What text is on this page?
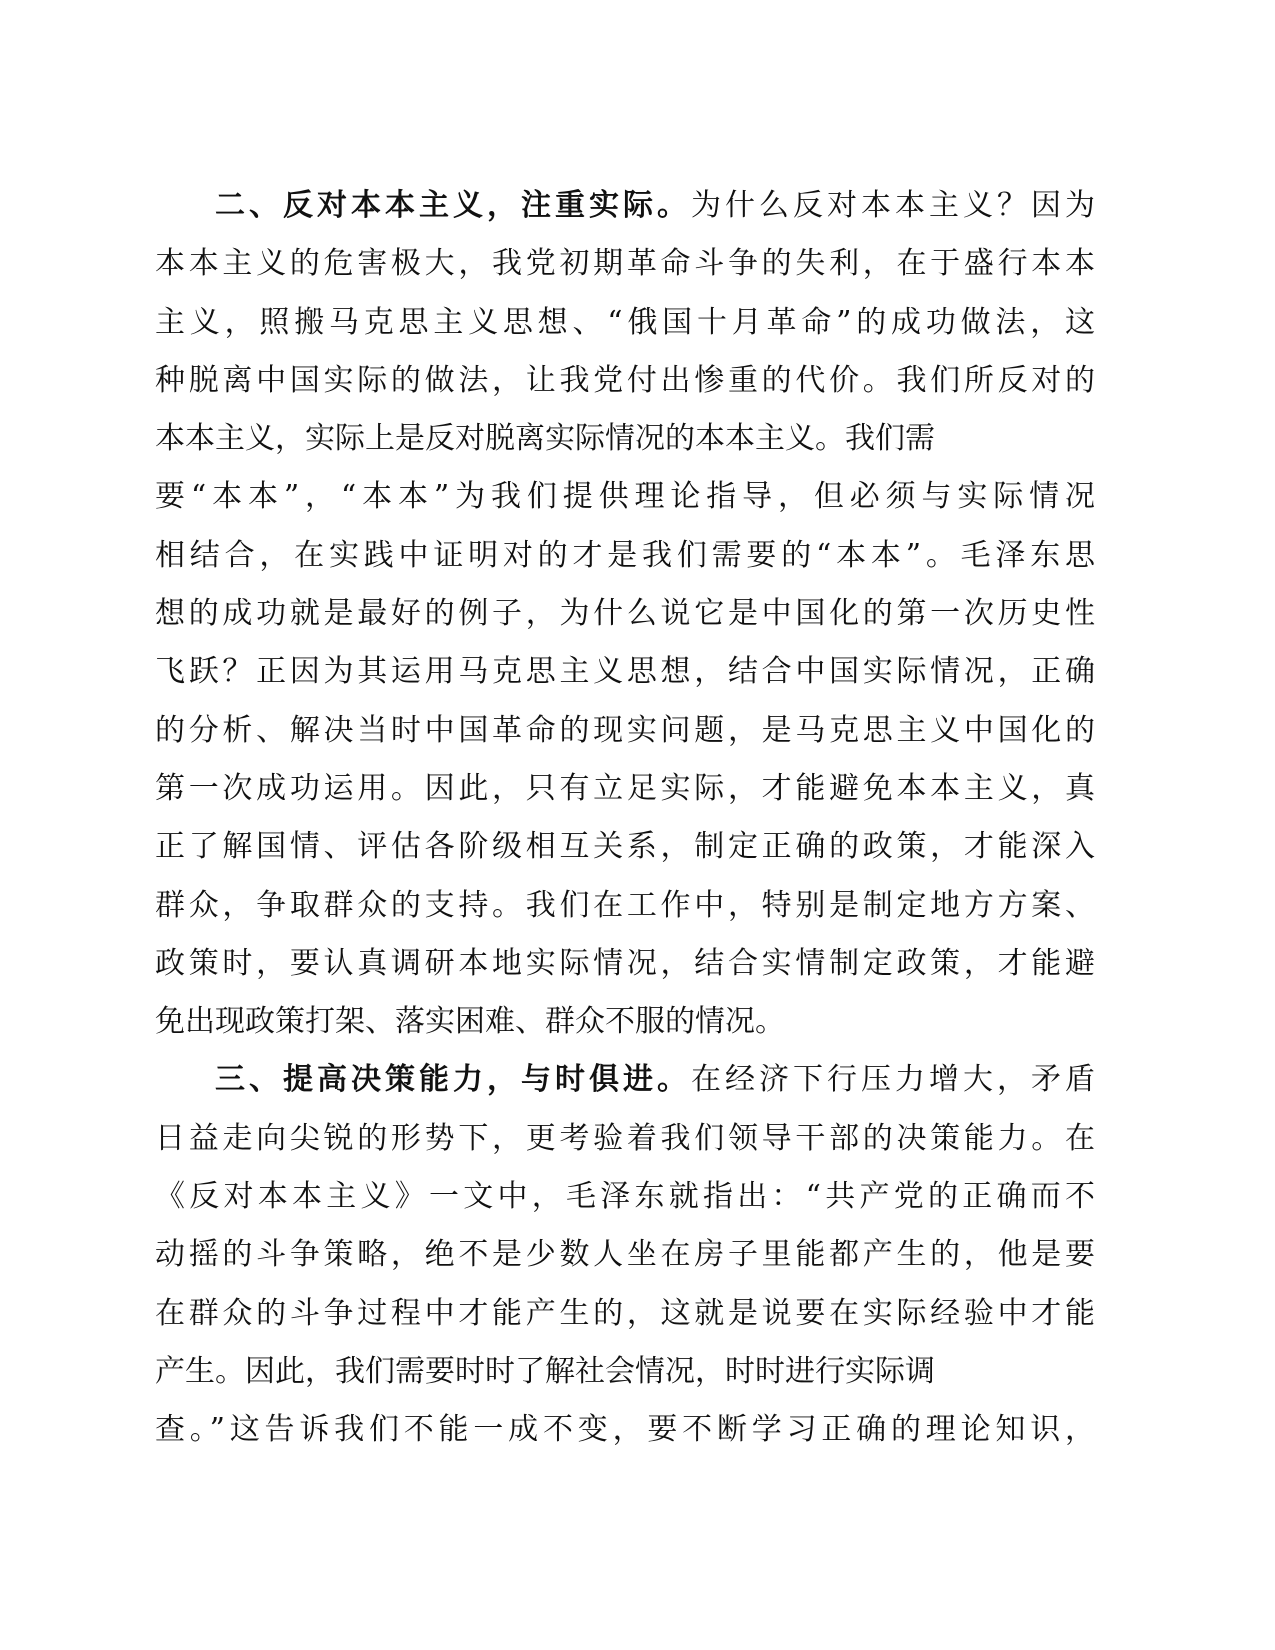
二、反对本本主义，注重实际。为什么反对本本主义？因为
本本主义的危害极大，我党初期革命斗争的失利，在于盛行本本
主义，照搬马克思主义思想、“俄国十月革命”的成功做法，这
种脱离中国实际的做法，让我党付出惨重的代价。我们所反对的
本本主义，实际上是反对脱离实际情况的本本主义。我们需
要“本本”，“本本”为我们提供理论指导，但必须与实际情况
相结合，在实践中证明对的才是我们需要的“本本”。毛泽东思
想的成功就是最好的例子，为什么说它是中国化的第一次历史性
飞跃？正因为其运用马克思主义思想，结合中国实际情况，正确
的分析、解决当时中国革命的现实问题，是马克思主义中国化的
第一次成功运用。因此，只有立足实际，才能避免本本主义，真
正了解国情、评估各阶级相互关系，制定正确的政策，才能深入
群众，争取群众的支持。我们在工作中，特别是制定地方方案、
政策时，要认真调研本地实际情况，结合实情制定政策，才能避
免出现政策打架、落实困难、群众不服的情况。
三、提高决策能力，与时俱进。在经济下行压力增大，矛盾
日益走向尖锐的形势下，更考验着我们领导干部的决策能力。在
《反对本本主义》一文中，毛泽东就指出：“共产党的正确而不
动摇的斗争策略，绝不是少数人坐在房子里能都产生的，他是要
在群众的斗争过程中才能产生的，这就是说要在实际经验中才能
产生。因此，我们需要时时了解社会情况，时时进行实际调
查。”这告诉我们不能一成不变，要不断学习正确的理论知识，
